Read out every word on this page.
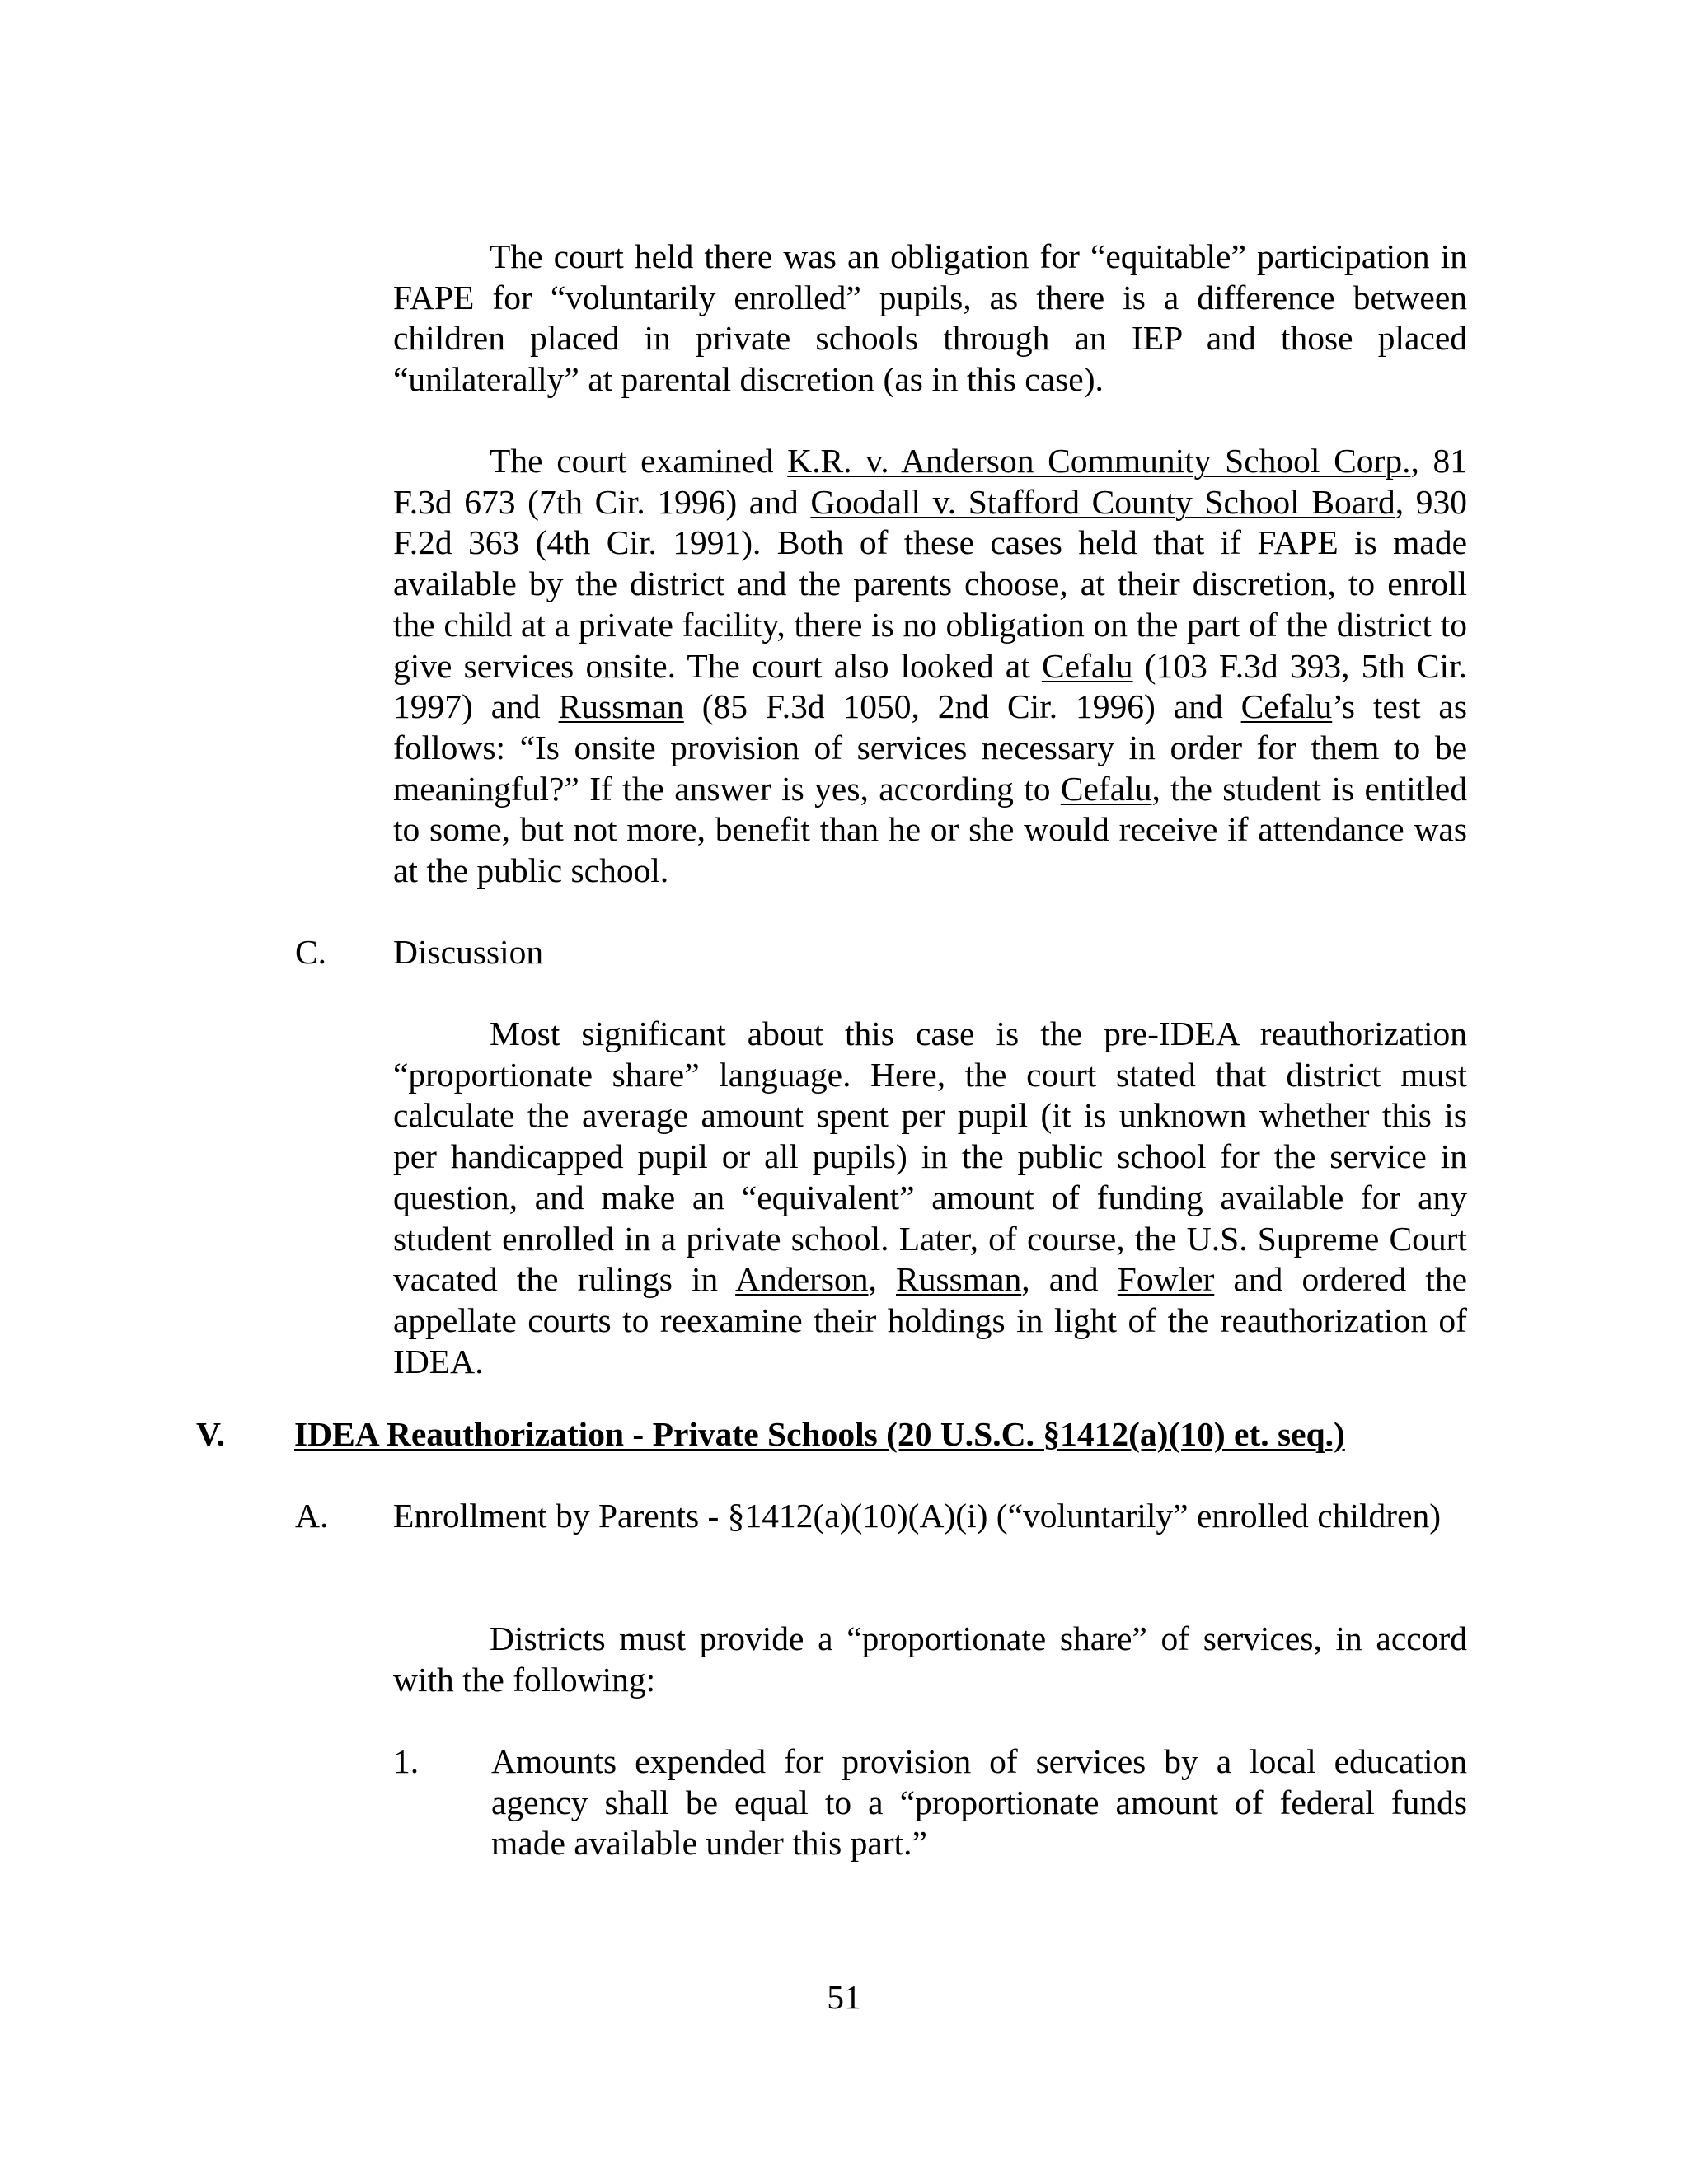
The court held there was an obligation for “equitable” participation in FAPE for “voluntarily enrolled” pupils, as there is a difference between children placed in private schools through an IEP and those placed “unilaterally” at parental discretion (as in this case).

The court examined K.R. v. Anderson Community School Corp., 81 F.3d 673 (7th Cir. 1996) and Goodall v. Stafford County School Board, 930 F.2d 363 (4th Cir. 1991). Both of these cases held that if FAPE is made available by the district and the parents choose, at their discretion, to enroll the child at a private facility, there is no obligation on the part of the district to give services onsite. The court also looked at Cefalu (103 F.3d 393, 5th Cir. 1997) and Russman (85 F.3d 1050, 2nd Cir. 1996) and Cefalu’s test as follows: “Is onsite provision of services necessary in order for them to be meaningful?” If the answer is yes, according to Cefalu, the student is entitled to some, but not more, benefit than he or she would receive if attendance was at the public school.

C. Discussion

Most significant about this case is the pre-IDEA reauthorization “proportionate share” language. Here, the court stated that district must calculate the average amount spent per pupil (it is unknown whether this is per handicapped pupil or all pupils) in the public school for the service in question, and make an “equivalent” amount of funding available for any student enrolled in a private school. Later, of course, the U.S. Supreme Court vacated the rulings in Anderson, Russman, and Fowler and ordered the appellate courts to reexamine their holdings in light of the reauthorization of IDEA.

V. IDEA Reauthorization - Private Schools (20 U.S.C. §1412(a)(10) et. seq.)

A. Enrollment by Parents - §1412(a)(10)(A)(i) (“voluntarily” enrolled children)

Districts must provide a “proportionate share” of services, in accord with the following:

1. Amounts expended for provision of services by a local education agency shall be equal to a “proportionate amount of federal funds made available under this part.”

51
